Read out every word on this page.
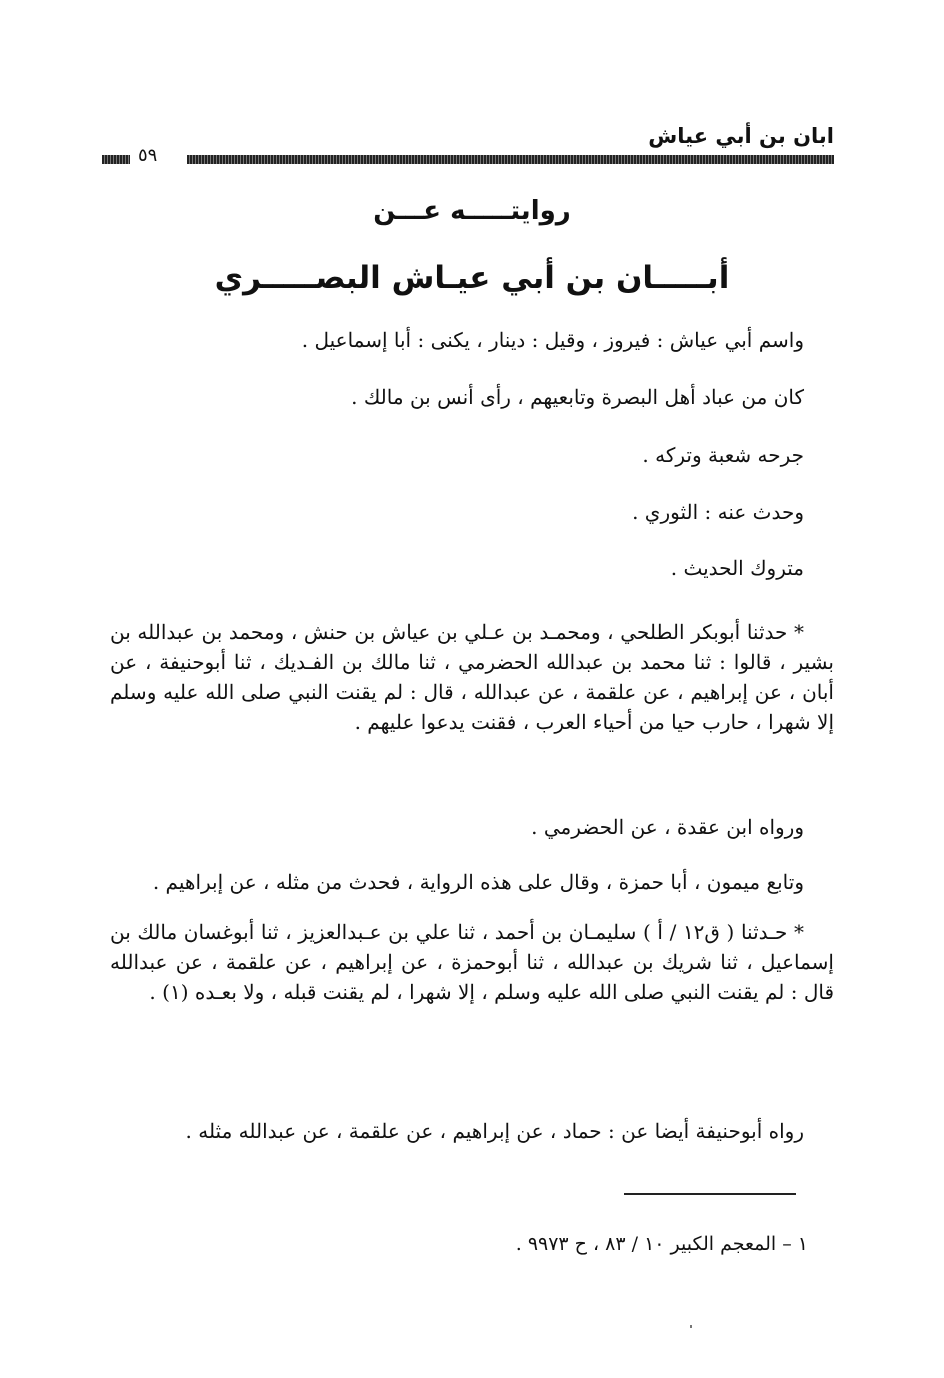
ابان بن أبي عياش
٥٩
روايتـــــه عـــن
أبـــــان بن أبي عيـاش البصـــــري
واسم أبي عياش : فيروز ، وقيل : دينار ، يكنى : أبا إسماعيل .
كان من عباد أهل البصرة وتابعيهم ، رأى أنس بن مالك .
جرحه شعبة وتركه .
وحدث عنه : الثوري .
متروك الحديث .
* حدثنا أبوبكر الطلحي ، ومحمـد بن عـلي بن عياش بن حنش ، ومحمد بن عبدالله بن بشير ، قالوا : ثنا محمد بن عبدالله الحضرمي ، ثنا مالك بن الفـديك ، ثنا أبوحنيفة ، عن أبان ، عن إبراهيم ، عن علقمة ، عن عبدالله ، قال : لم يقنت النبي صلى الله عليه وسلم إلا شهرا ، حارب حيا من أحياء العرب ، فقنت يدعوا عليهم .
ورواه ابن عقدة ، عن الحضرمي .
وتابع ميمون ، أبا حمزة ، وقال على هذه الرواية ، فحدث من مثله ، عن إبراهيم .
* حـدثنا ( ق١٢ / أ ) سليمـان بن أحمد ، ثنا علي بن عـبدالعزيز ، ثنا أبوغسان مالك بن إسماعيل ، ثنا شريك بن عبدالله ، ثنا أبوحمزة ، عن إبراهيم ، عن علقمة ، عن عبدالله قال : لم يقنت النبي صلى الله عليه وسلم ، إلا شهرا ، لم يقنت قبله ، ولا بعـده (١) .
رواه أبوحنيفة أيضا عن : حماد ، عن إبراهيم ، عن علقمة ، عن عبدالله مثله .
١ – المعجم الكبير ١٠ / ٨٣ ، ح ٩٩٧٣ .
